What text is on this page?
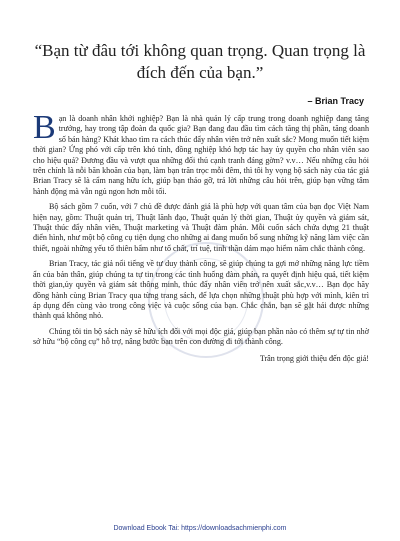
“Bạn từ đâu tới không quan trọng. Quan trọng là đích đến của bạn.”
– Brian Tracy

Bạn là doanh nhân khởi nghiệp? Bạn là nhà quản lý cấp trung trong doanh nghiệp đang tăng trưởng, hay trong tập đoàn đa quốc gia? Bạn đang đau đầu tìm cách tăng thị phần, tăng doanh số bán hàng? Khát khao tìm ra cách thúc đẩy nhân viên trở nên xuất sắc? Mong muốn tiết kiệm thời gian? Ứng phó với cấp trên khó tính, đồng nghiệp khó hợp tác hay ủy quyền cho nhân viên sao cho hiệu quả? Đương đầu và vượt qua những đối thủ cạnh tranh đáng gờm? v.v… Nếu những câu hỏi trên chính là nỗi băn khoăn của bạn, làm bạn trăn trọc mỗi đêm, thì tôi hy vọng bộ sách này của tác giả Brian Tracy sẽ là cẩm nang hữu ích, giúp bạn tháo gỡ, trả lời những câu hỏi trên, giúp bạn vững tâm hành động mà vẫn ngủ ngon hơn mỗi tối.

Bộ sách gồm 7 cuốn, với 7 chủ đề được đánh giá là phù hợp với quan tâm của bạn đọc Việt Nam hiện nay, gồm: Thuật quản trị, Thuật lãnh đạo, Thuật quản lý thời gian, Thuật ủy quyền và giám sát, Thuật thúc đẩy nhân viên, Thuật marketing và Thuật đàm phán. Mỗi cuốn sách chứa dựng 21 thuật điển hình, như một bộ công cụ tiện dụng cho những ai đang muốn bổ sung những kỹ năng làm việc cần thiết, ngoài những yếu tố thiên bẩm như tố chất, trí tuệ, tinh thần dám mạo hiểm năm chắc thành công.

Brian Tracy, tác giả nổi tiếng về tư duy thành công, sẽ giúp chúng ta gợi mở những năng lực tiềm ẩn của bản thân, giúp chúng ta tự tin trong các tình huống đàm phán, ra quyết định hiệu quả, tiết kiệm thời gian,ủy quyền và giám sát thông minh, thúc đẩy nhân viên trở nên xuất sắc,v.v… Bạn đọc hãy đồng hành cùng Brian Tracy qua từng trang sách, để lựa chọn những thuật phù hợp với mình, kiên trì áp dụng đến cùng vào trong công việc và cuộc sống của bạn. Chắc chắn, bạn sẽ gặt hái được những thành quả không nhỏ.

Chúng tôi tin bộ sách này sẽ hữu ích đối với mọi độc giả, giúp bạn phần nào có thêm sự tự tin nhờ sở hữu “bộ công cụ” hỗ trợ, nâng bước bạn trên con đường đi tới thành công.

Trân trọng giới thiệu đến độc giả!

Download Ebook Tai: https://downloadsachmienphi.com
